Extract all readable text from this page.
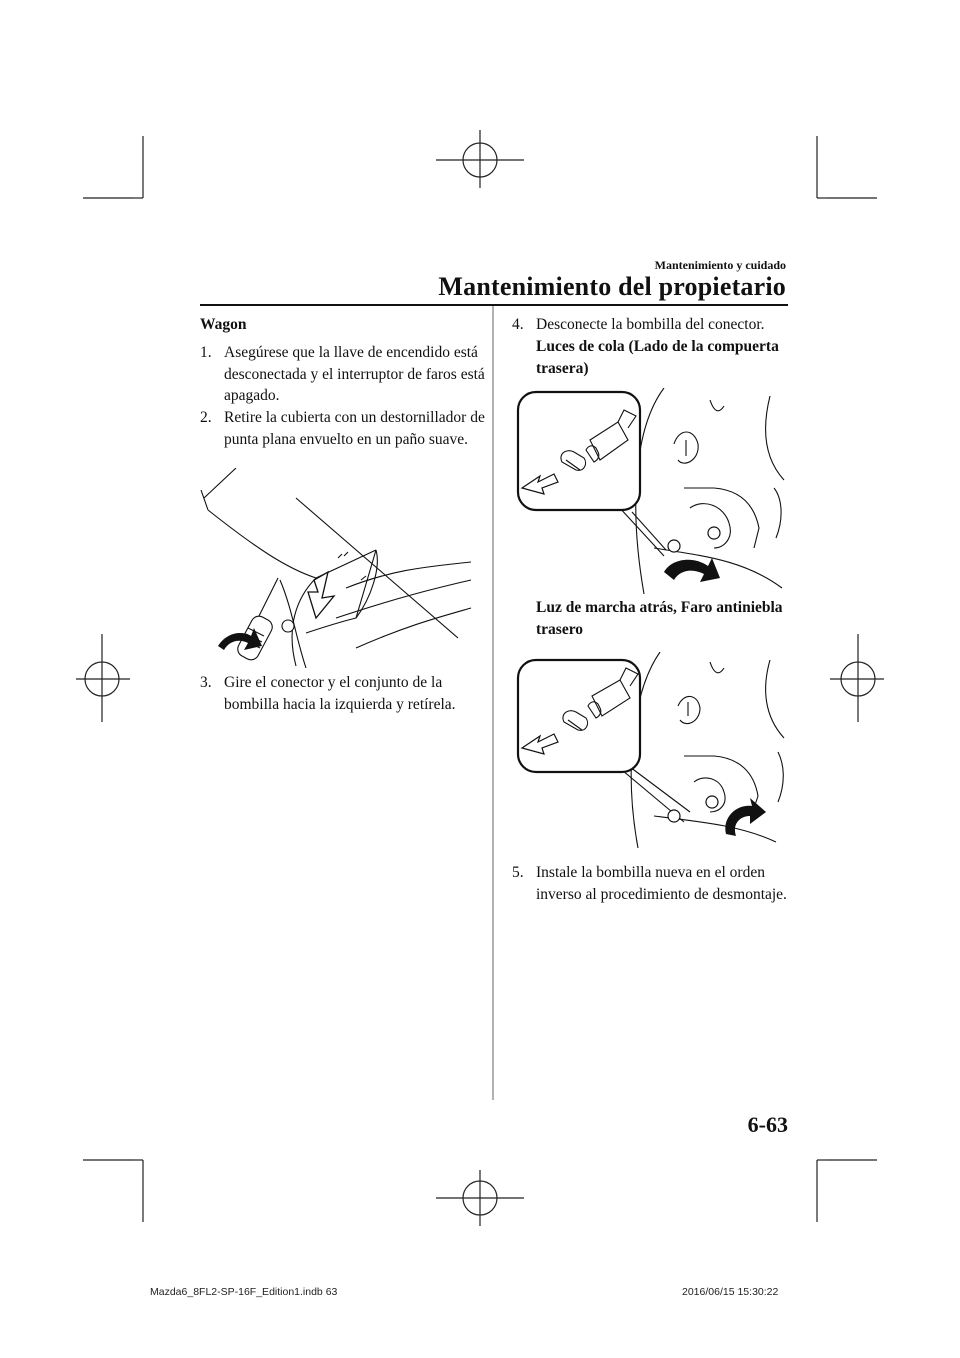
Mantenimiento y cuidado
Mantenimiento del propietario
Wagon
1. Asegúrese que la llave de encendido está desconectada y el interruptor de faros está apagado.
2. Retire la cubierta con un destornillador de punta plana envuelto en un paño suave.
3. Gire el conector y el conjunto de la bombilla hacia la izquierda y retírela.
4. Desconecte la bombilla del conector.
Luces de cola (Lado de la compuerta trasera)
Luz de marcha atrás, Faro antiniebla trasero
5. Instale la bombilla nueva en el orden inverso al procedimiento de desmontaje.
6-63
Mazda6_8FL2-SP-16F_Edition1.indb 63	2016/06/15 15:30:22
